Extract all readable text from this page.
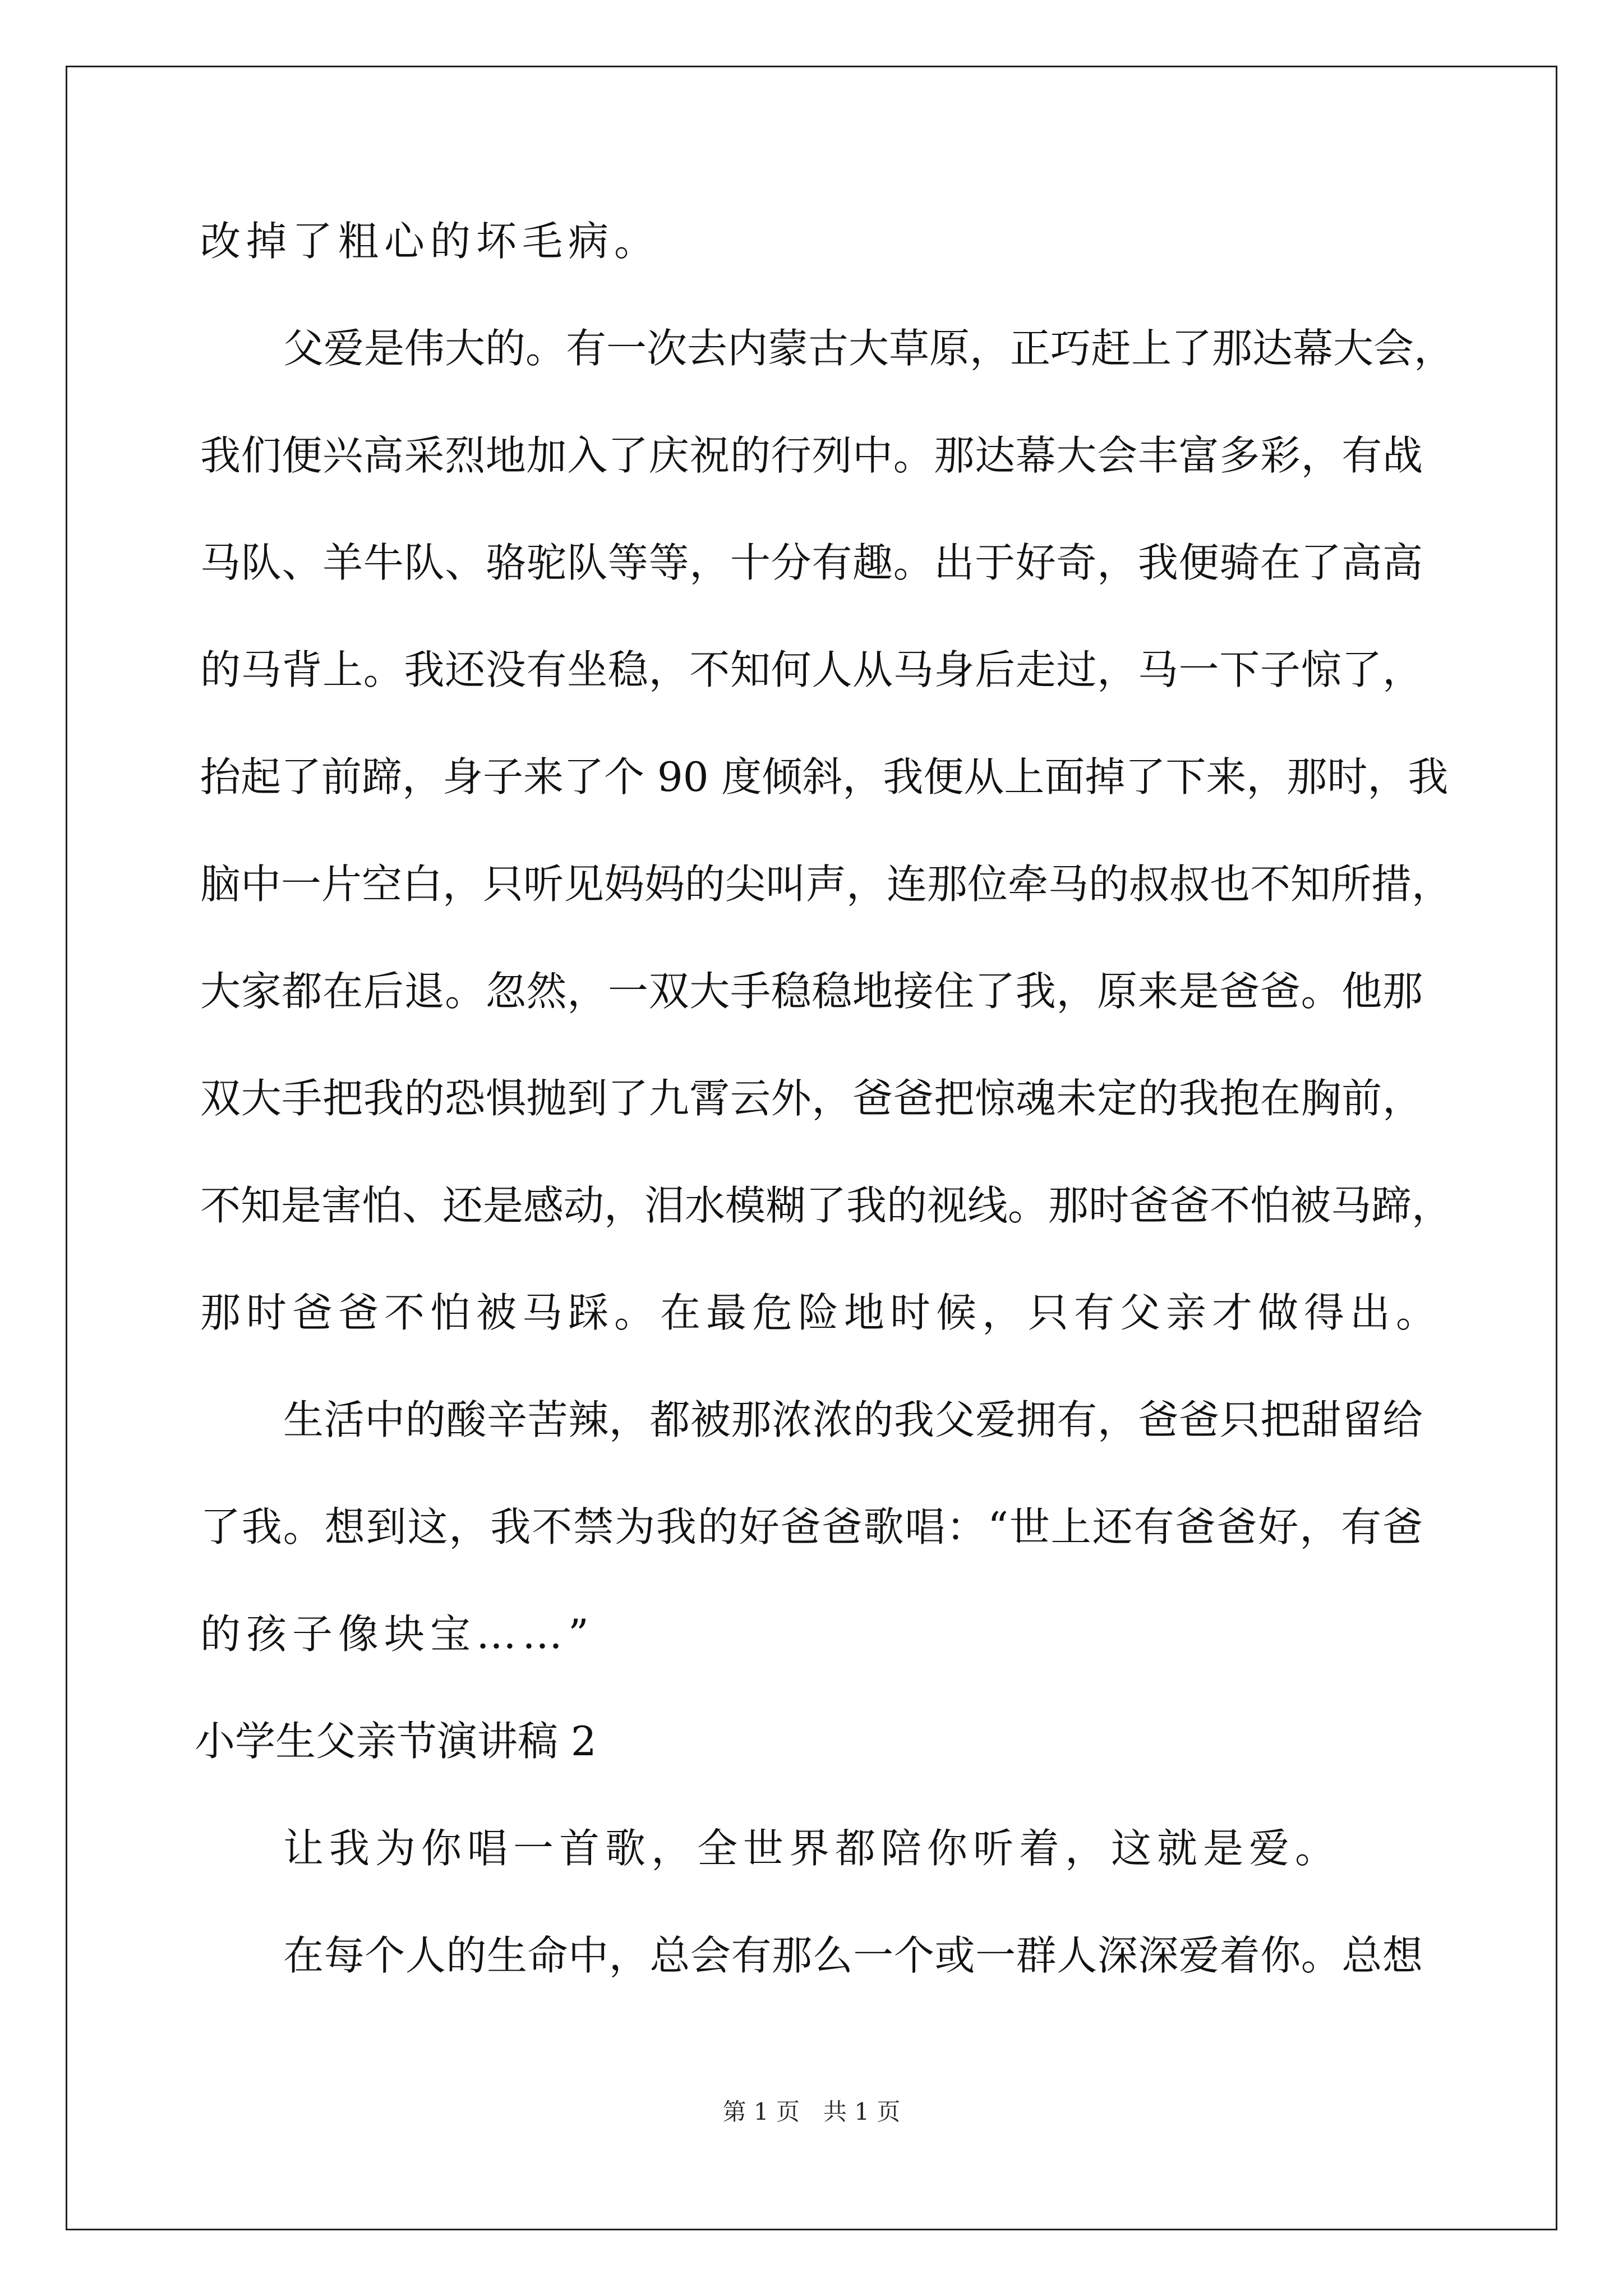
改掉了粗心的坏毛病。
父爱是伟大的。有一次去内蒙古大草原，正巧赶上了那达幕大会，
我们便兴高采烈地加入了庆祝的行列中。那达幕大会丰富多彩，有战
马队、羊牛队、骆驼队等等，十分有趣。出于好奇，我便骑在了高高
的马背上。我还没有坐稳，不知何人从马身后走过，马一下子惊了，
抬起了前蹄，身子来了个 90 度倾斜，我便从上面掉了下来，那时，我
脑中一片空白，只听见妈妈的尖叫声，连那位牵马的叔叔也不知所措，
大家都在后退。忽然，一双大手稳稳地接住了我，原来是爸爸。他那
双大手把我的恐惧抛到了九霄云外，爸爸把惊魂未定的我抱在胸前，
不知是害怕、还是感动，泪水模糊了我的视线。那时爸爸不怕被马蹄，
那时爸爸不怕被马踩。在最危险地时候，只有父亲才做得出。
生活中的酸辛苦辣，都被那浓浓的我父爱拥有，爸爸只把甜留给
了我。想到这，我不禁为我的好爸爸歌唱：“世上还有爸爸好，有爸
的孩子像块宝……”
小学生父亲节演讲稿 2
让我为你唱一首歌，全世界都陪你听着，这就是爱。
在每个人的生命中，总会有那么一个或一群人深深爱着你。总想
第 1 页　共 1 页
